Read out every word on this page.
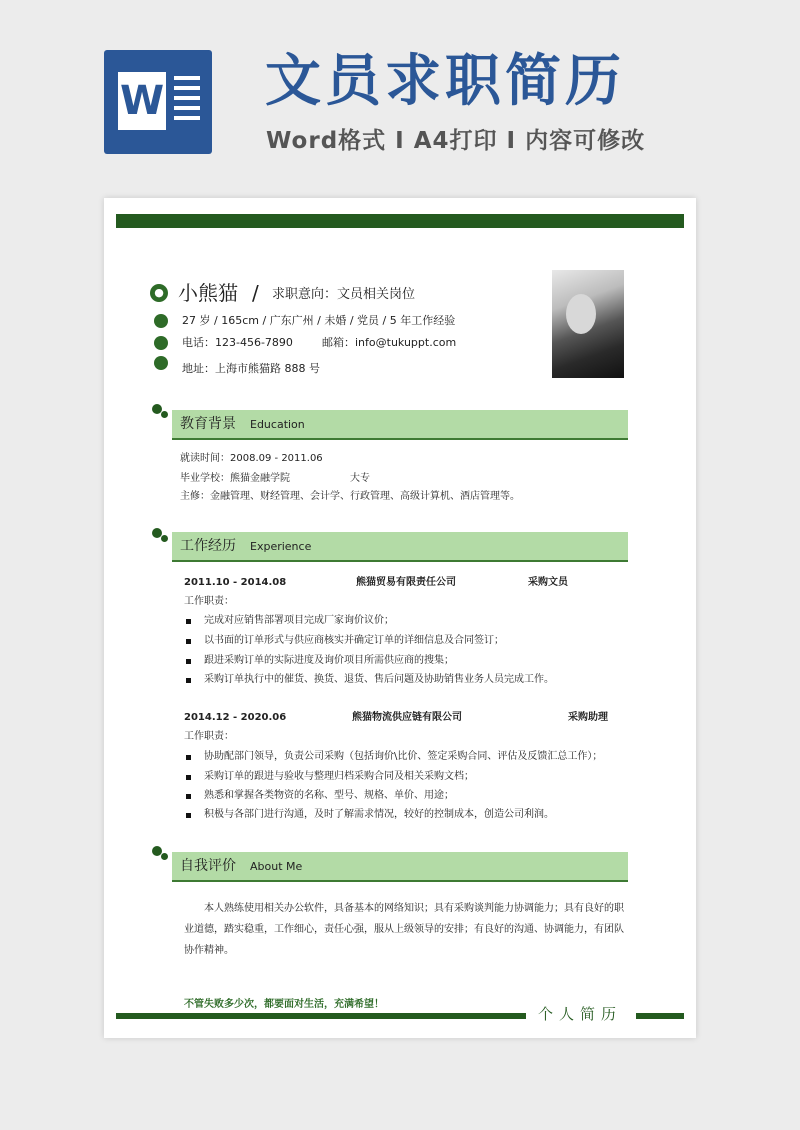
W 文员求职简历
Word格式 I A4打印 I 内容可修改
● 小熊猫 / 求职意向：文员相关岗位
27 岁 / 165cm / 广东广州 / 未婚 / 党员 / 5 年工作经验
电话：123-456-7890	邮箱：info@tukuppt.com
地址：上海市熊猫路 888 号
教育背景 Education
就读时间：2008.09 - 2011.06
毕业学校：熊猫金融学院	大专
主修：金融管理、财经管理、会计学、行政管理、高级计算机、酒店管理等。
工作经历 Experience
2011.10 - 2014.08	熊猫贸易有限责任公司	采购文员
工作职责：
完成对应销售部署项目完成厂家询价议价；
以书面的订单形式与供应商核实并确定订单的详细信息及合同签订；
跟进采购订单的实际进度及询价项目所需供应商的搜集；
采购订单执行中的催货、换货、退货、售后问题及协助销售业务人员完成工作。
2014.12 - 2020.06	熊猫物流供应链有限公司	采购助理
工作职责：
协助配部门领导，负责公司采购（包括询价\比价、签定采购合同、评估及反馈汇总工作）；
采购订单的跟进与验收与整理归档采购合同及相关采购文档；
熟悉和掌握各类物资的名称、型号、规格、单价、用途；
积极与各部门进行沟通，及时了解需求情况，较好的控制成本，创造公司利润。
自我评价 About Me
本人熟练使用相关办公软件，具备基本的网络知识；具有采购谈判能力协调能力；具有良好的职业道德，踏实稳重，工作细心，责任心强，服从上级领导的安排；有良好的沟通、协调能力，有团队协作精神。
不管失败多少次，都要面对生活，充满希望！
个人简历
